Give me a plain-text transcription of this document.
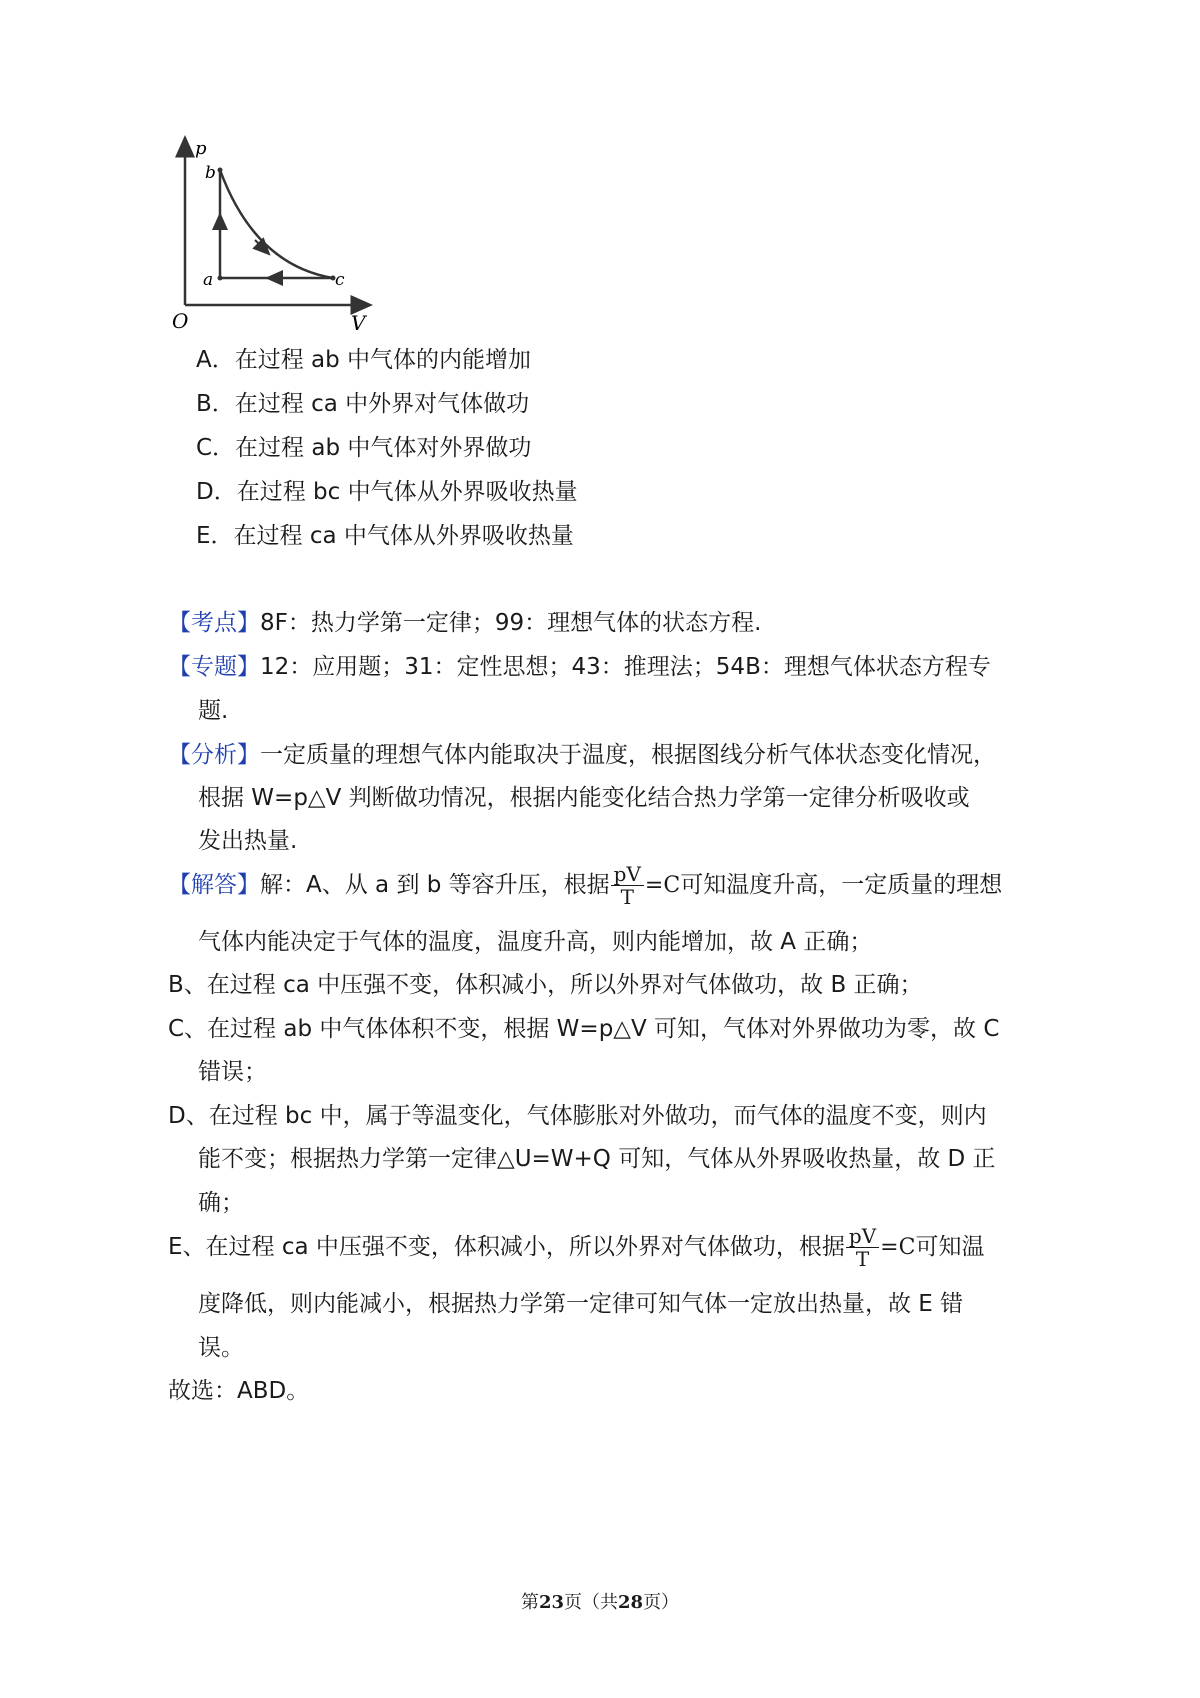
p
b
a	c
O	V
A．在过程 ab 中气体的内能增加
B．在过程 ca 中外界对气体做功
C．在过程 ab 中气体对外界做功
D．在过程 bc 中气体从外界吸收热量
E．在过程 ca 中气体从外界吸收热量
【考点】8F：热力学第一定律；99：理想气体的状态方程.
【专题】12：应用题；31：定性思想；43：推理法；54B：理想气体状态方程专
题.
【分析】一定质量的理想气体内能取决于温度，根据图线分析气体状态变化情况，
根据 W=p△V 判断做功情况，根据内能变化结合热力学第一定律分析吸收或
发出热量.
【解答】解：A、从 a 到 b 等容升压，根据 $\frac{pV}{T} =C$可知温度升高，一定质量的理想
气体内能决定于气体的温度，温度升高，则内能增加，故 A 正确；
B、在过程 ca 中压强不变，体积减小，所以外界对气体做功，故 B 正确；
C、在过程 ab 中气体体积不变，根据 W=p△V 可知，气体对外界做功为零，故 C
错误；
D、在过程 bc 中，属于等温变化，气体膨胀对外做功，而气体的温度不变，则内
能不变；根据热力学第一定律△U=W+Q 可知，气体从外界吸收热量，故 D 正
确；
E、在过程 ca 中压强不变，体积减小，所以外界对气体做功，根据 $\frac{pV}{T} =C$可知温
度降低，则内能减小，根据热力学第一定律可知气体一定放出热量，故 E 错
误。
故选：ABD。
第23页（共28页）
